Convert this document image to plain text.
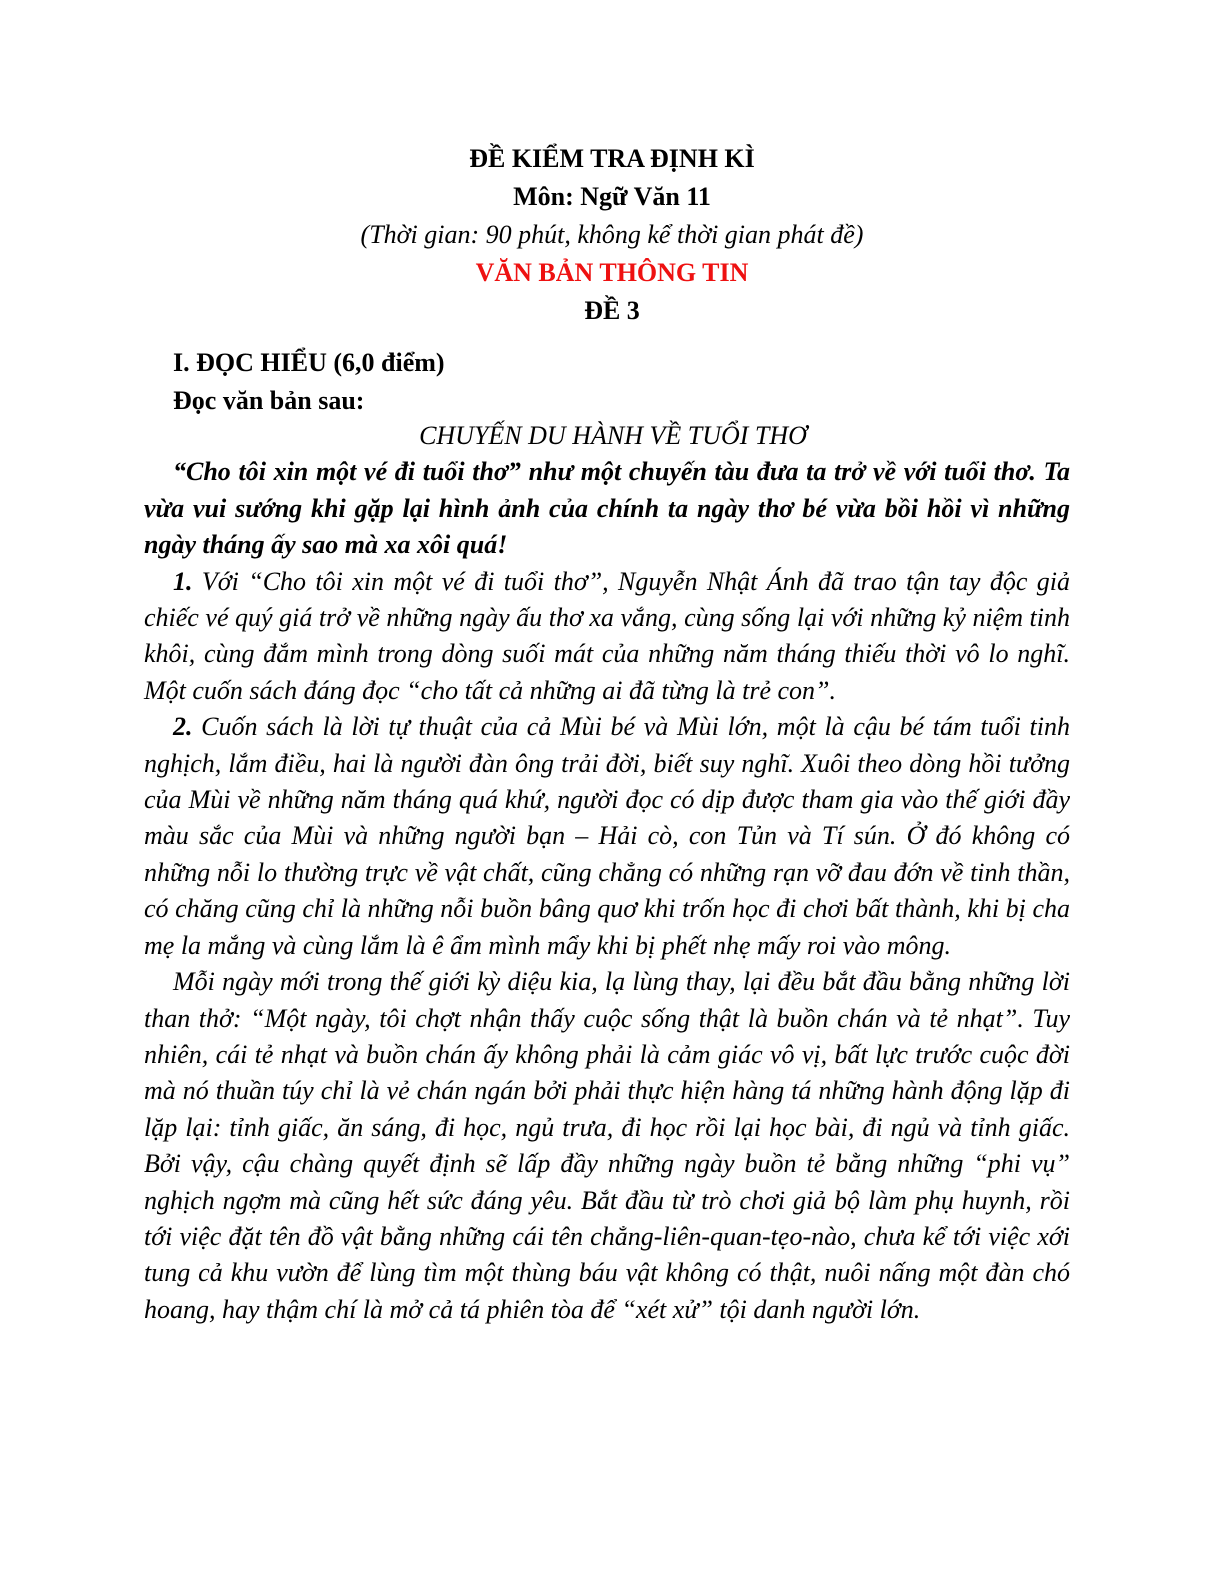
ĐỀ KIỂM TRA ĐỊNH KÌ
Môn: Ngữ Văn 11
(Thời gian: 90 phút, không kể thời gian phát đề)
VĂN BẢN THÔNG TIN
ĐỀ 3
I. ĐỌC HIỂU (6,0 điểm)
Đọc văn bản sau:
CHUYẾN DU HÀNH VỀ TUỔI THƠ

“Cho tôi xin một vé đi tuổi thơ” như một chuyến tàu đưa ta trở về với tuổi thơ. Ta vừa vui sướng khi gặp lại hình ảnh của chính ta ngày thơ bé vừa bồi hồi vì những ngày tháng ấy sao mà xa xôi quá!

1. Với “Cho tôi xin một vé đi tuổi thơ”, Nguyễn Nhật Ánh đã trao tận tay độc giả chiếc vé quý giá trở về những ngày ấu thơ xa vắng, cùng sống lại với những kỷ niệm tinh khôi, cùng đắm mình trong dòng suối mát của những năm tháng thiếu thời vô lo nghĩ. Một cuốn sách đáng đọc “cho tất cả những ai đã từng là trẻ con”.

2. Cuốn sách là lời tự thuật của cả Mùi bé và Mùi lớn, một là cậu bé tám tuổi tinh nghịch, lắm điều, hai là người đàn ông trải đời, biết suy nghĩ. Xuôi theo dòng hồi tưởng của Mùi về những năm tháng quá khứ, người đọc có dịp được tham gia vào thế giới đầy màu sắc của Mùi và những người bạn – Hải cò, con Tủn và Tí sún. Ở đó không có những nỗi lo thường trực về vật chất, cũng chẳng có những rạn vỡ đau đớn về tinh thần, có chăng cũng chỉ là những nỗi buồn bâng quơ khi trốn học đi chơi bất thành, khi bị cha mẹ la mắng và cùng lắm là ê ẩm mình mẩy khi bị phết nhẹ mấy roi vào mông.

Mỗi ngày mới trong thế giới kỳ diệu kia, lạ lùng thay, lại đều bắt đầu bằng những lời than thở: “Một ngày, tôi chợt nhận thấy cuộc sống thật là buồn chán và tẻ nhạt”. Tuy nhiên, cái tẻ nhạt và buồn chán ấy không phải là cảm giác vô vị, bất lực trước cuộc đời mà nó thuần túy chỉ là vẻ chán ngán bởi phải thực hiện hàng tá những hành động lặp đi lặp lại: tỉnh giấc, ăn sáng, đi học, ngủ trưa, đi học rồi lại học bài, đi ngủ và tỉnh giấc. Bởi vậy, cậu chàng quyết định sẽ lấp đầy những ngày buồn tẻ bằng những “phi vụ” nghịch ngợm mà cũng hết sức đáng yêu. Bắt đầu từ trò chơi giả bộ làm phụ huynh, rồi tới việc đặt tên đồ vật bằng những cái tên chẳng-liên-quan-tẹo-nào, chưa kể tới việc xới tung cả khu vườn để lùng tìm một thùng báu vật không có thật, nuôi nấng một đàn chó hoang, hay thậm chí là mở cả tá phiên tòa để “xét xử” tội danh người lớn.
